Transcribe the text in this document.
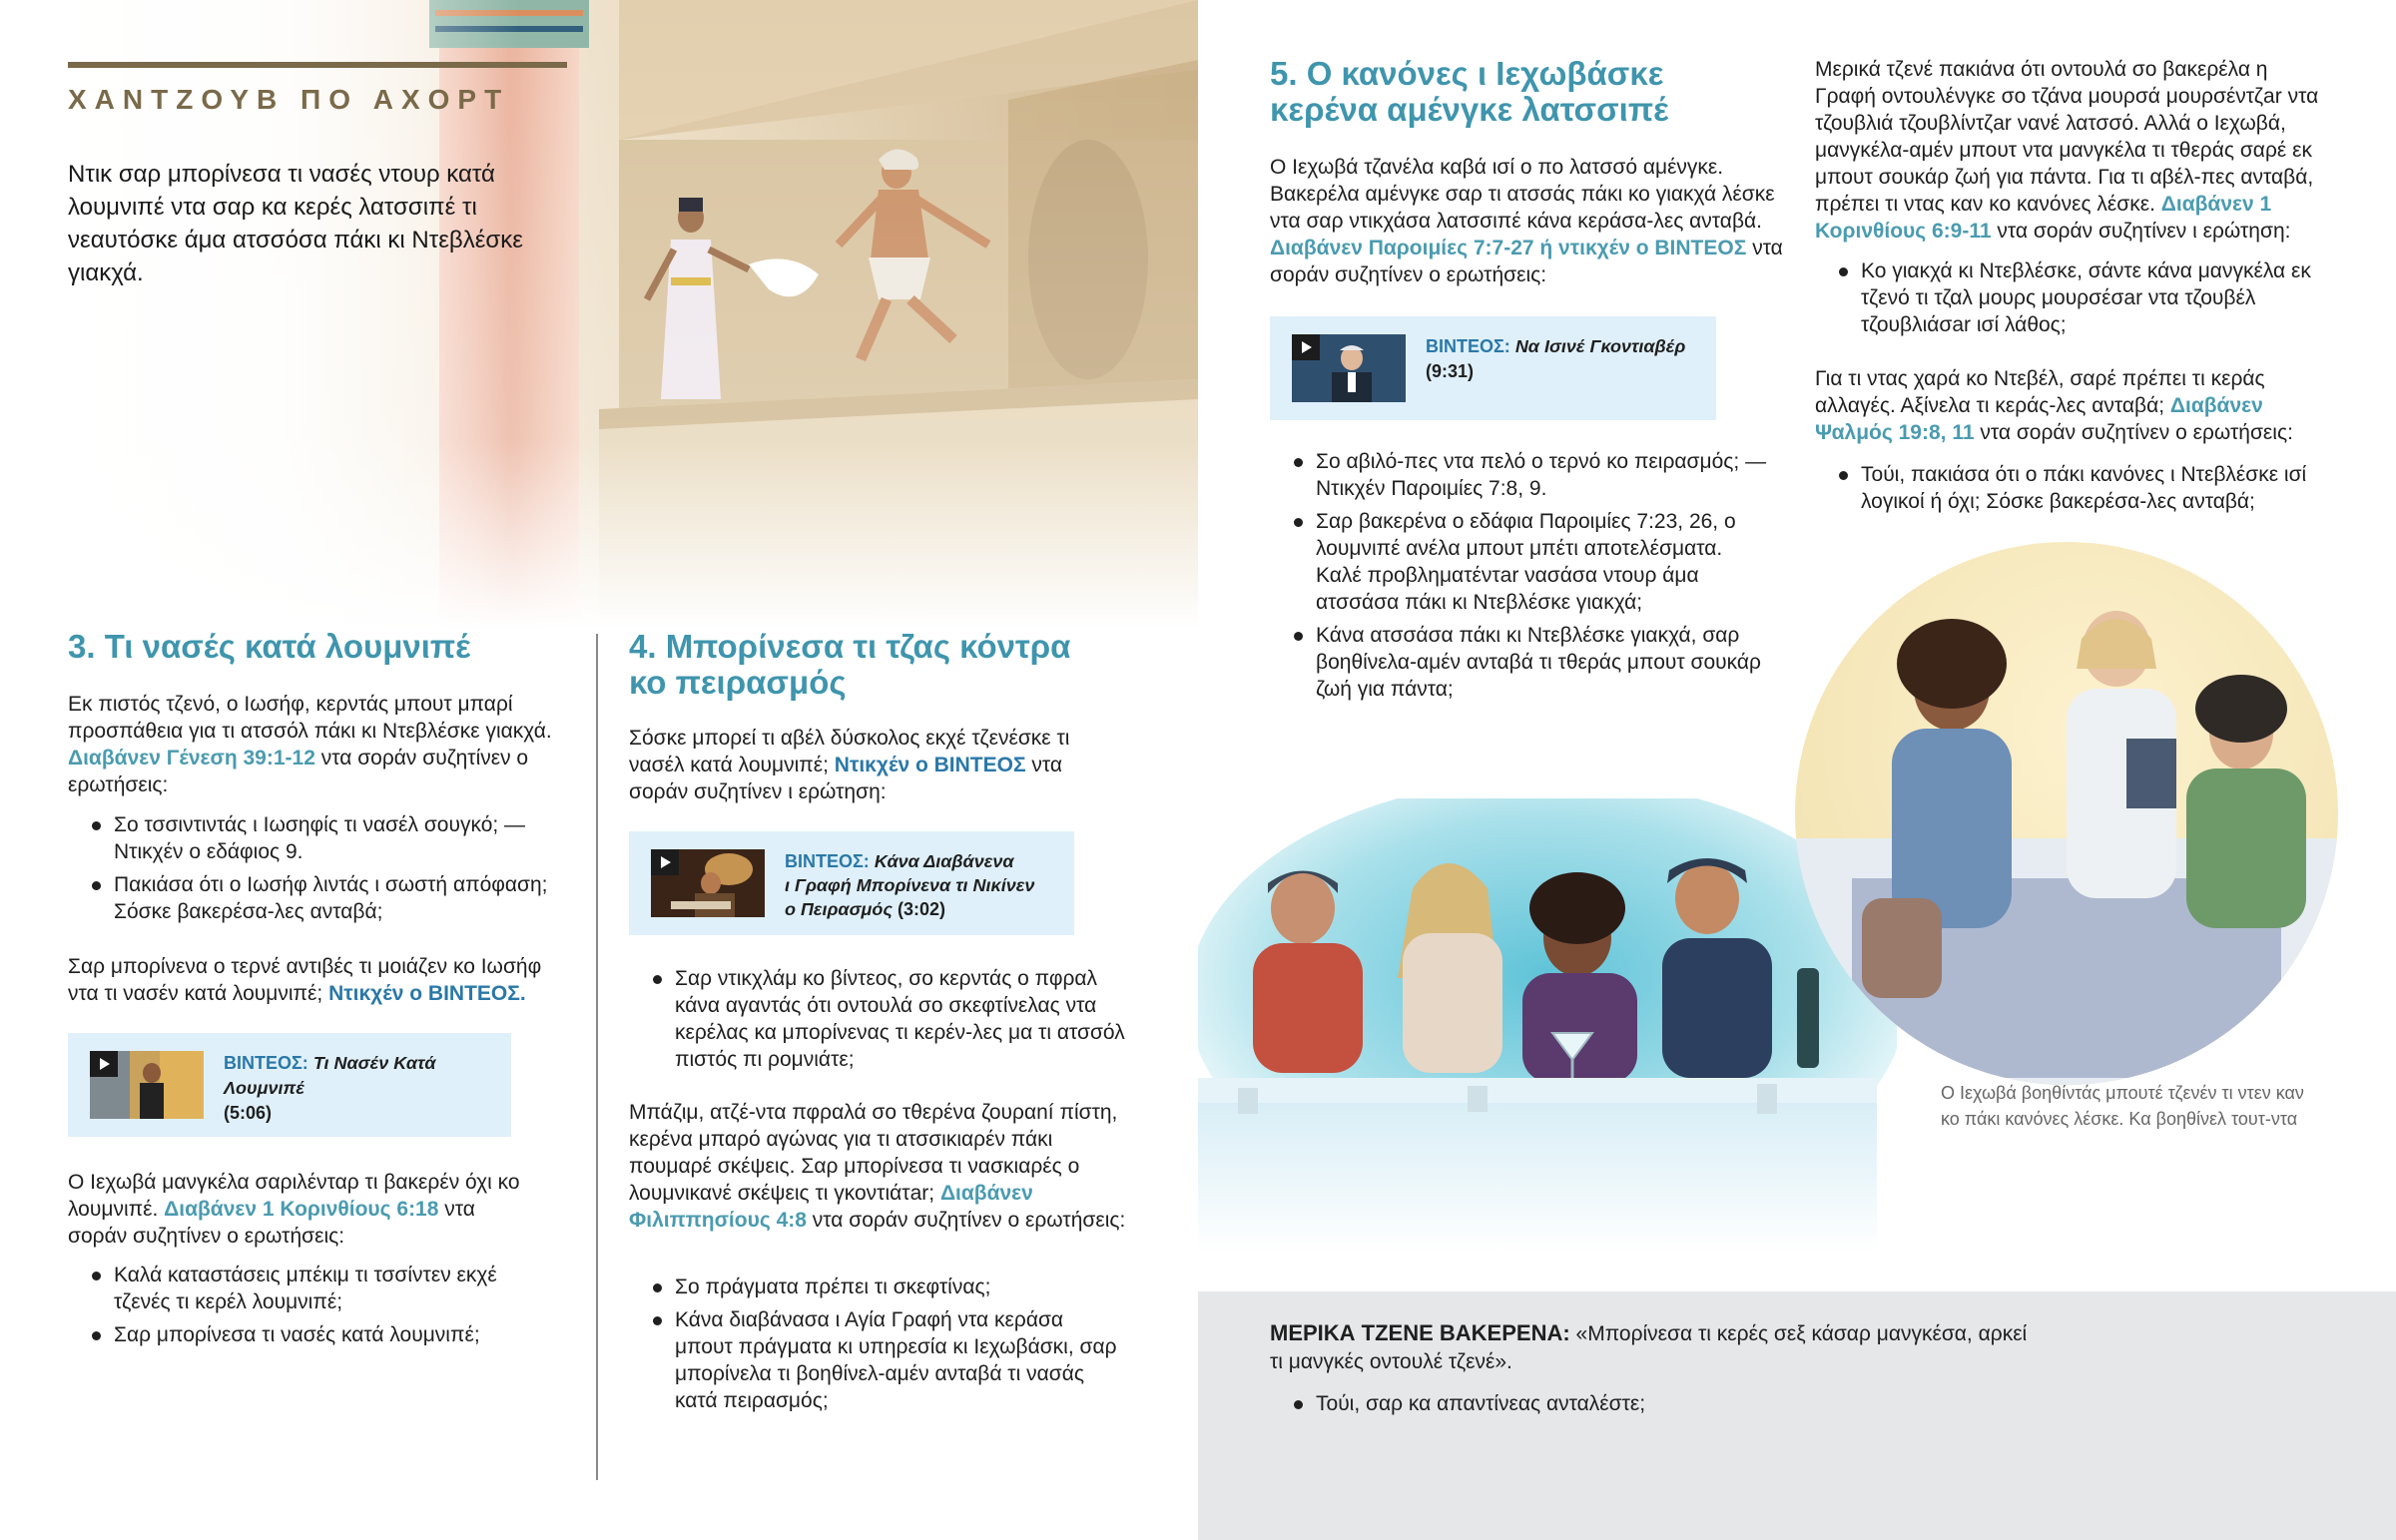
ΧΑΝΤΖΟΥΒ ΠΟ ΑΧΟΡΤ
Ντικ σαρ μπορίνεσα τι νασές ντουρ κατά λουμνιπέ ντα σαρ κα κερές λατσσιπέ τι νεαυτόσκε άμα ατσσόσα πάκι κι Ντεβλέσκε γιακχά.
3. Τι νασές κατά λουμνιπέ
Εκ πιστός τζενό, ο Ιωσήφ, κερντάς μπουτ μπαρί προσπάθεια για τι ατσσόλ πάκι κι Ντεβλέσκε γιακχά. Διαβάνεν Γένεση 39:1-12 ντα σοράν συζητίνεν ο ερωτήσεις:
Σο τσσιντιντάς ι Ιωσηφίς τι νασέλ σουγκό; —Ντικχέν ο εδάφιος 9.
Πακιάσα ότι ο Ιωσήφ λιντάς ι σωστή απόφαση; Σόσκε βακερέσα-λες ανταβά;
Σαρ μπορίνενα ο τερνέ αντιβές τι μοιάζεν κο Ιωσήφ ντα τι νασέν κατά λουμνιπέ; Ντικχέν ο ΒΙΝΤΕΟΣ.
ΒΙΝΤΕΟΣ: Τι Νασέν Κατά Λουμνιπέ
(5:06)
Ο Ιεχωβά μανγκέλα σαριλένταρ τι βακερέν όχι κο λουμνιπέ. Διαβάνεν 1 Κορινθίους 6:18 ντα σοράν συζητίνεν ο ερωτήσεις:
Καλά καταστάσεις μπέκιμ τι τσσίντεν εκχέ τζενές τι κερέλ λουμνιπέ;
Σαρ μπορίνεσα τι νασές κατά λουμνιπέ;
4. Μπορίνεσα τι τζας κόντρα
κο πειρασμός
Σόσκε μπορεί τι αβέλ δύσκολος εκχέ τζενέσκε τι νασέλ κατά λουμνιπέ; Ντικχέν ο ΒΙΝΤΕΟΣ ντα σοράν συζητίνεν ι ερώτηση:
ΒΙΝΤΕΟΣ: Κάνα Διαβάνενα
ι Γραφή Μπορίνενα τι Νικίνεν
ο Πειρασμός (3:02)
Σαρ ντικχλάμ κο βίντεος, σο κερντάς ο πφραλ κάνα αγαντάς ότι οντουλά σο σκεφτίνελας ντα κερέλας κα μπορίνενας τι κερέν-λες μα τι ατσσόλ πιστός πι ρομνιάτε;
Μπάζιμ, ατζέ-ντα πφραλά σο τθερένα ζουραní πίστη, κερένα μπαρό αγώνας για τι ατσσικιαρέν πάκι πουμαρέ σκέψεις. Σαρ μπορίνεσα τι νασκιαρές ο λουμνικανέ σκέψεις τι γκοντιάτar; Διαβάνεν Φιλιππησίους 4:8 ντα σοράν συζητίνεν ο ερωτήσεις:
Σο πράγματα πρέπει τι σκεφτίνας;
Κάνα διαβάνασα ι Αγία Γραφή ντα κεράσα μπουτ πράγματα κι υπηρεσία κι Ιεχωβάσκι, σαρ μπορίνελα τι βοηθίνελ-αμέν ανταβά τι νασάς κατά πειρασμός;
5. Ο κανόνες ι Ιεχωβάσκε
κερένα αμένγκε λατσσιπέ
Ο Ιεχωβά τζανέλα καβά ισί ο πο λατσσό αμένγκε. Βακερέλα αμένγκε σαρ τι ατσσάς πάκι κο γιακχά λέσκε ντα σαρ ντικχάσα λατσσιπέ κάνα κεράσα-λες ανταβά. Διαβάνεν Παροιμίες 7:7-27 ή ντικχέν ο ΒΙΝΤΕΟΣ ντα σοράν συζητίνεν ο ερωτήσεις:
ΒΙΝΤΕΟΣ: Να Ισινέ Γκοντιαβέρ
(9:31)
Σο αβιλό-πες ντα πελό ο τερνό κο πειρασμός; —Ντικχέν Παροιμίες 7:8, 9.
Σαρ βακερένα ο εδάφια Παροιμίες 7:23, 26, ο λουμνιπέ ανέλα μπουτ μπέτι αποτελέσματα. Καλέ προβληματέντar νασάσα ντουρ άμα ατσσάσα πάκι κι Ντεβλέσκε γιακχά;
Κάνα ατσσάσα πάκι κι Ντεβλέσκε γιακχά, σαρ βοηθίνελα-αμέν ανταβά τι τθεράς μπουτ σουκάρ ζωή για πάντα;
Μερικά τζενέ πακιάνα ότι οντουλά σο βακερέλα η Γραφή οντουλένγκε σο τζάνα μουρσά μουρσέντζar ντα τζουβλιά τζουβλίντζar νανέ λατσσό. Αλλά ο Ιεχωβά, μανγκέλα-αμέν μπουτ ντα μανγκέλα τι τθεράς σαρέ εκ μπουτ σουκάρ ζωή για πάντα. Για τι αβέλ-πες ανταβά, πρέπει τι ντας καν κο κανόνες λέσκε. Διαβάνεν 1 Κορινθίους 6:9-11 ντα σοράν συζητίνεν ι ερώτηση:
Κο γιακχά κι Ντεβλέσκε, σάντε κάνα μανγκέλα εκ τζενό τι τζαλ μουρς μουρσέσar ντα τζουβέλ τζουβλιάσar ισί λάθος;
Για τι ντας χαρά κο Ντεβέλ, σαρέ πρέπει τι κεράς αλλαγές. Αξίνελα τι κεράς-λες ανταβά; Διαβάνεν Ψαλμός 19:8, 11 ντα σοράν συζητίνεν ο ερωτήσεις:
Τούι, πακιάσα ότι ο πάκι κανόνες ι Ντεβλέσκε ισί λογικοί ή όχι; Σόσκε βακερέσα-λες ανταβά;
Ο Ιεχωβά βοηθίντάς μπουτέ τζενέν τι ντεν καν
κο πάκι κανόνες λέσκε. Κα βοηθίνελ τουτ-ντα
ΜΕΡΙΚΑ ΤΖΕΝΕ ΒΑΚΕΡΕΝΑ: «Μπορίνεσα τι κερές σεξ κάσαρ μανγκέσα, αρκεί
τι μανγκές οντουλέ τζενέ».
Τούι, σαρ κα απαντίνεας ανταλέστε;
